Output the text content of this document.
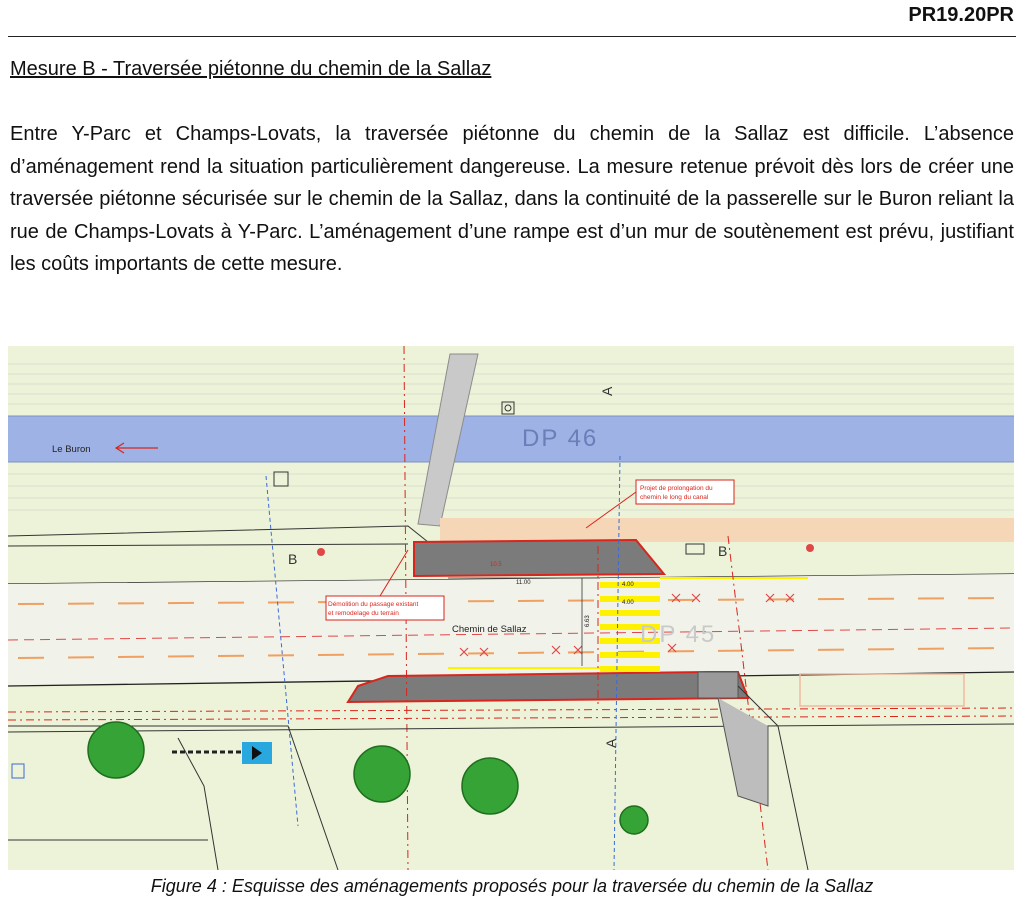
PR19.20PR
Mesure B - Traversée piétonne du chemin de la Sallaz

Entre Y-Parc et Champs-Lovats, la traversée piétonne du chemin de la Sallaz est difficile. L’absence d’aménagement rend la situation particulièrement dangereuse. La mesure retenue prévoit dès lors de créer une traversée piétonne sécurisée sur le chemin de la Sallaz, dans la continuité de la passerelle sur le Buron reliant la rue de Champs-Lovats à Y-Parc. L’aménagement d’une rampe est d’un mur de soutènement est prévu, justifiant les coûts importants de cette mesure.

Le Buron	DP 46
DP 45
Chemin de Sallaz
Projet de prolongation du chemin le long du canal
Démolition du passage existant et remodelage du terrain
A
A
B	B
11.00	4.00
4.00
6.63
10.5
Figure 4 : Esquisse des aménagements proposés pour la traversée du chemin de la Sallaz
